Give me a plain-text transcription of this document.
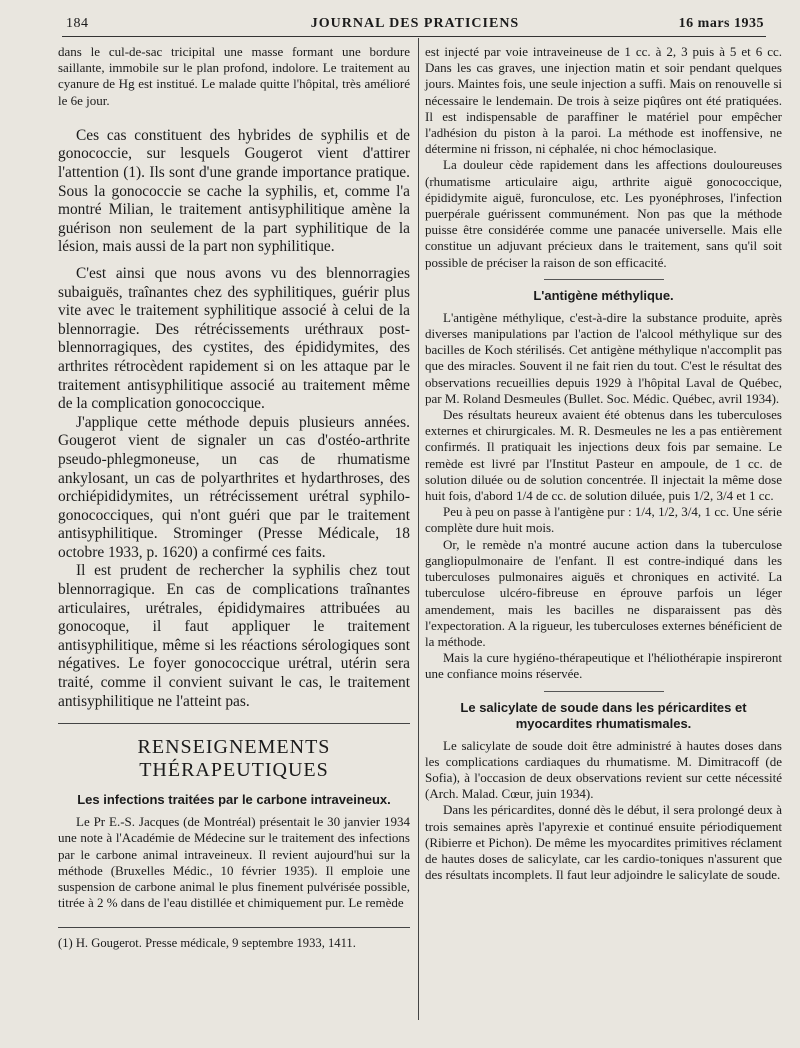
184	JOURNAL DES PRATICIENS	16 mars 1935

dans le cul-de-sac tricipital une masse formant une bordure saillante, immobile sur le plan profond, indolore. Le traitement au cyanure de Hg est institué. Le malade quitte l'hôpital, très amélioré le 6e jour.

Ces cas constituent des hybrides de syphilis et de gonococcie, sur lesquels Gougerot vient d'attirer l'attention (1). Ils sont d'une grande importance pratique. Sous la gonococcie se cache la syphilis, et, comme l'a montré Milian, le traitement antisyphilitique amène la guérison non seulement de la part syphilitique de la lésion, mais aussi de la part non syphilitique.

C'est ainsi que nous avons vu des blennorragies subaiguës, traînantes chez des syphilitiques, guérir plus vite avec le traitement syphilitique associé à celui de la blennorragie. Des rétrécissements uréthraux post-blennorragiques, des cystites, des épididymites, des arthrites rétrocèdent rapidement si on les attaque par le traitement antisyphilitique associé au traitement même de la complication gonococcique.

J'applique cette méthode depuis plusieurs années. Gougerot vient de signaler un cas d'ostéo-arthrite pseudo-phlegmoneuse, un cas de rhumatisme ankylosant, un cas de polyarthrites et hydarthroses, des orchiépididymites, un rétrécissement urétral syphilo-gonococciques, qui n'ont guéri que par le traitement antisyphilitique. Strominger (Presse Médicale, 18 octobre 1933, p. 1620) a confirmé ces faits.

Il est prudent de rechercher la syphilis chez tout blennorragique. En cas de complications traînantes articulaires, urétrales, épididymaires attribuées au gonocoque, il faut appliquer le traitement antisyphilitique, même si les réactions sérologiques sont négatives. Le foyer gonococcique urétral, utérin sera traité, comme il convient suivant le cas, le traitement antisyphilitique ne l'atteint pas.

RENSEIGNEMENTS THÉRAPEUTIQUES
Les infections traitées par le carbone intraveineux.

Le Pr E.-S. Jacques (de Montréal) présentait le 30 janvier 1934 une note à l'Académie de Médecine sur le traitement des infections par le carbone animal intraveineux. Il revient aujourd'hui sur la méthode (Bruxelles Médic., 10 février 1935). Il emploie une suspension de carbone animal le plus finement pulvérisée possible, titrée à 2 % dans de l'eau distillée et chimiquement pur. Le remède

(1) H. Gougerot. Presse médicale, 9 septembre 1933, 1411.

est injecté par voie intraveineuse de 1 cc. à 2, 3 puis à 5 et 6 cc. Dans les cas graves, une injection matin et soir pendant quelques jours. Maintes fois, une seule injection a suffi. Mais on renouvelle si nécessaire le lendemain. De trois à seize piqûres ont été pratiquées. Il est indispensable de paraffiner le matériel pour empêcher l'adhésion du piston à la paroi. La méthode est inoffensive, ne détermine ni frisson, ni céphalée, ni choc hémoclasique.

La douleur cède rapidement dans les affections douloureuses (rhumatisme articulaire aigu, arthrite aiguë gonococcique, épididymite aiguë, furonculose, etc. Les pyonéphroses, l'infection puerpérale guérissent communément. Non pas que la méthode puisse être considérée comme une panacée universelle. Mais elle constitue un adjuvant précieux dans le traitement, sans qu'il soit possible de préciser la raison de son efficacité.

L'antigène méthylique.

L'antigène méthylique, c'est-à-dire la substance produite, après diverses manipulations par l'action de l'alcool méthylique sur des bacilles de Koch stérilisés. Cet antigène méthylique n'accomplit pas que des miracles. Souvent il ne fait rien du tout. C'est le résultat des observations recueillies depuis 1929 à l'hôpital Laval de Québec, par M. Roland Desmeules (Bullet. Soc. Médic. Québec, avril 1934).

Des résultats heureux avaient été obtenus dans les tuberculoses externes et chirurgicales. M. R. Desmeules ne les a pas entièrement confirmés. Il pratiquait les injections deux fois par semaine. Le remède est livré par l'Institut Pasteur en ampoule, de 1 cc. de solution diluée ou de solution concentrée. Il injectait la même dose huit fois, d'abord 1/4 de cc. de solution diluée, puis 1/2, 3/4 et 1 cc.

Peu à peu on passe à l'antigène pur : 1/4, 1/2, 3/4, 1 cc. Une série complète dure huit mois.

Or, le remède n'a montré aucune action dans la tuberculose gangliopulmonaire de l'enfant. Il est contre-indiqué dans les tuberculoses pulmonaires aiguës et chroniques en activité. La tuberculose ulcéro-fibreuse en éprouve parfois un léger amendement, mais les bacilles ne disparaissent pas dès l'expectoration. A la rigueur, les tuberculoses externes bénéficient de la méthode.

Mais la cure hygiéno-thérapeutique et l'héliothérapie inspireront une confiance moins réservée.

Le salicylate de soude dans les péricardites et myocardites rhumatismales.

Le salicylate de soude doit être administré à hautes doses dans les complications cardiaques du rhumatisme. M. Dimitracoff (de Sofia), à l'occasion de deux observations revient sur cette nécessité (Arch. Malad. Cœur, juin 1934).

Dans les péricardites, donné dès le début, il sera prolongé deux à trois semaines après l'apyrexie et continué ensuite périodiquement (Ribierre et Pichon). De même les myocardites primitives réclament de hautes doses de salicylate, car les cardio-toniques n'assurent que des résultats incomplets. Il faut leur adjoindre le salicylate de soude.
